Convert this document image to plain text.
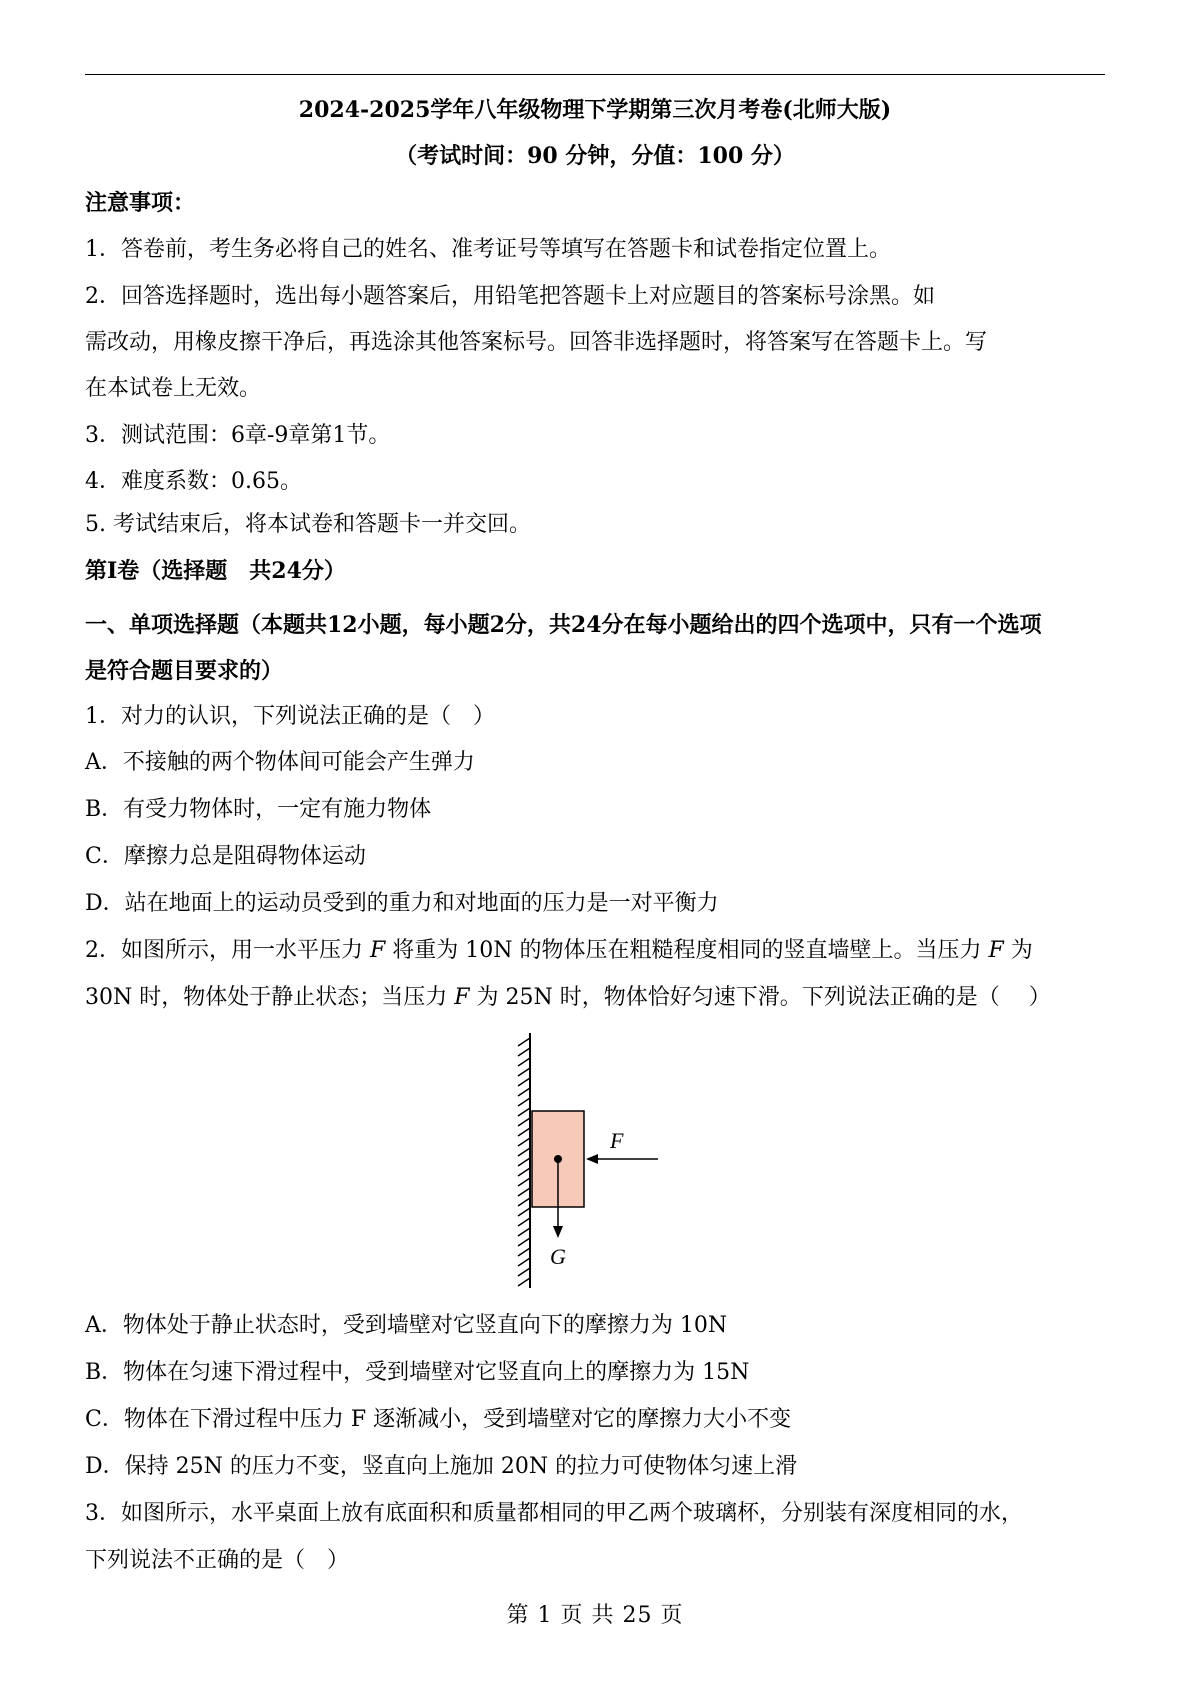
2024-2025学年八年级物理下学期第三次月考卷(北师大版)
（考试时间：90 分钟，分值：100 分）
注意事项：
1．答卷前，考生务必将自己的姓名、准考证号等填写在答题卡和试卷指定位置上。
2．回答选择题时，选出每小题答案后，用铅笔把答题卡上对应题目的答案标号涂黑。如
需改动，用橡皮擦干净后，再选涂其他答案标号。回答非选择题时，将答案写在答题卡上。写
在本试卷上无效。
3．测试范围：6章-9章第1节。
4．难度系数：0.65。
5. 考试结束后，将本试卷和答题卡一并交回。
第Ⅰ卷（选择题　共24分）
一、单项选择题（本题共12小题，每小题2分，共24分在每小题给出的四个选项中，只有一个选项
是符合题目要求的）
1．对力的认识，下列说法正确的是（　）
A．不接触的两个物体间可能会产生弹力
B．有受力物体时，一定有施力物体
C．摩擦力总是阻碍物体运动
D．站在地面上的运动员受到的重力和对地面的压力是一对平衡力
2．如图所示，用一水平压力 F 将重为 10N 的物体压在粗糙程度相同的竖直墙壁上。当压力 F 为
30N 时，物体处于静止状态；当压力 F 为 25N 时，物体恰好匀速下滑。下列说法正确的是（　 ）
F
G
A．物体处于静止状态时，受到墙壁对它竖直向下的摩擦力为 10N
B．物体在匀速下滑过程中，受到墙壁对它竖直向上的摩擦力为 15N
C．物体在下滑过程中压力 F 逐渐减小，受到墙壁对它的摩擦力大小不变
D．保持 25N 的压力不变，竖直向上施加 20N 的拉力可使物体匀速上滑
3．如图所示，水平桌面上放有底面积和质量都相同的甲乙两个玻璃杯，分别装有深度相同的水，
下列说法不正确的是（　）
第 1 页 共 25 页
